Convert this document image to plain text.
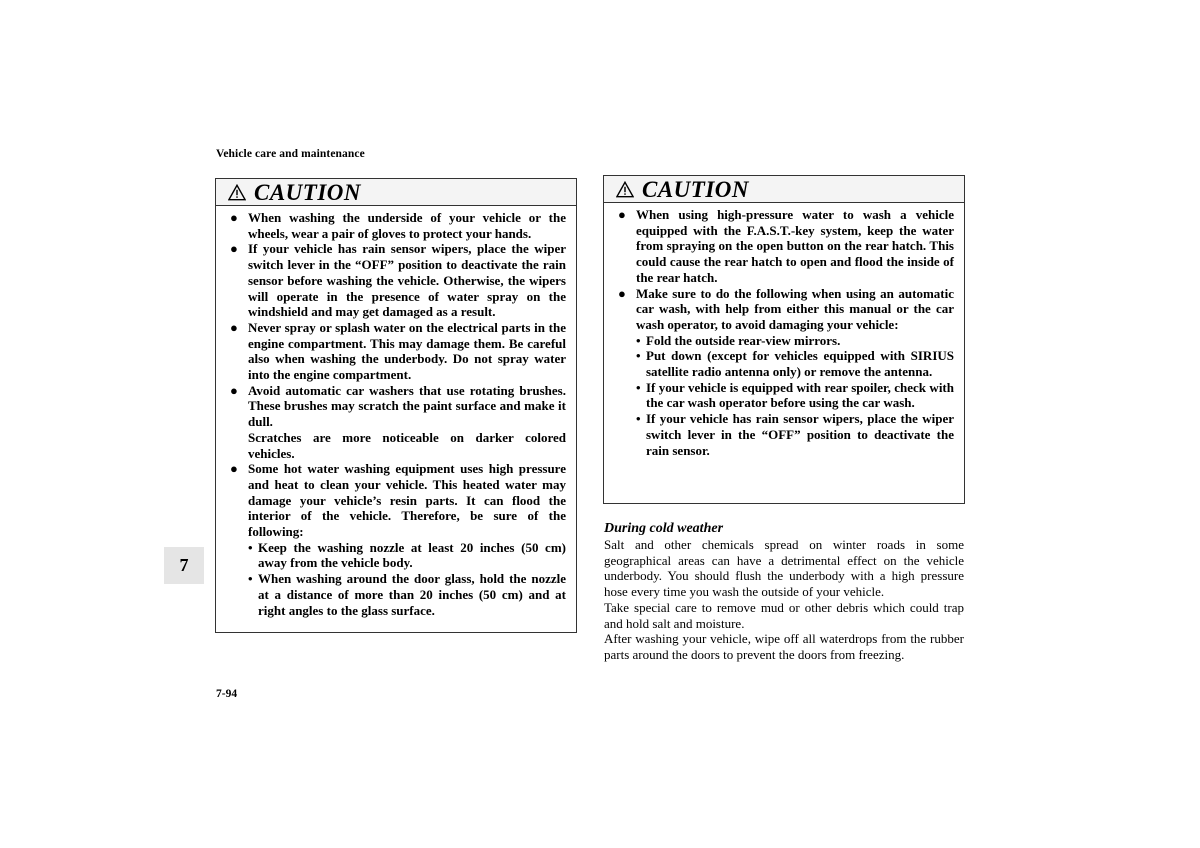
Vehicle care and maintenance
CAUTION
● When washing the underside of your vehicle or the wheels, wear a pair of gloves to protect your hands.
● If your vehicle has rain sensor wipers, place the wiper switch lever in the “OFF” position to deactivate the rain sensor before washing the vehicle. Otherwise, the wipers will operate in the presence of water spray on the windshield and may get damaged as a result.
● Never spray or splash water on the electrical parts in the engine compartment. This may damage them. Be careful also when washing the underbody. Do not spray water into the engine compartment.
● Avoid automatic car washers that use rotating brushes. These brushes may scratch the paint surface and make it dull.
Scratches are more noticeable on darker colored vehicles.
● Some hot water washing equipment uses high pressure and heat to clean your vehicle. This heated water may damage your vehicle’s resin parts. It can flood the interior of the vehicle. Therefore, be sure of the following:
• Keep the washing nozzle at least 20 inches (50 cm) away from the vehicle body.
• When washing around the door glass, hold the nozzle at a distance of more than 20 inches (50 cm) and at right angles to the glass surface.
CAUTION
● When using high-pressure water to wash a vehicle equipped with the F.A.S.T.-key system, keep the water from spraying on the open button on the rear hatch. This could cause the rear hatch to open and flood the inside of the rear hatch.
● Make sure to do the following when using an automatic car wash, with help from either this manual or the car wash operator, to avoid damaging your vehicle:
• Fold the outside rear-view mirrors.
• Put down (except for vehicles equipped with SIRIUS satellite radio antenna only) or remove the antenna.
• If your vehicle is equipped with rear spoiler, check with the car wash operator before using the car wash.
• If your vehicle has rain sensor wipers, place the wiper switch lever in the “OFF” position to deactivate the rain sensor.
During cold weather
Salt and other chemicals spread on winter roads in some geographical areas can have a detrimental effect on the vehicle underbody. You should flush the underbody with a high pressure hose every time you wash the outside of your vehicle.
Take special care to remove mud or other debris which could trap and hold salt and moisture.
After washing your vehicle, wipe off all waterdrops from the rubber parts around the doors to prevent the doors from freezing.
7
7-94
